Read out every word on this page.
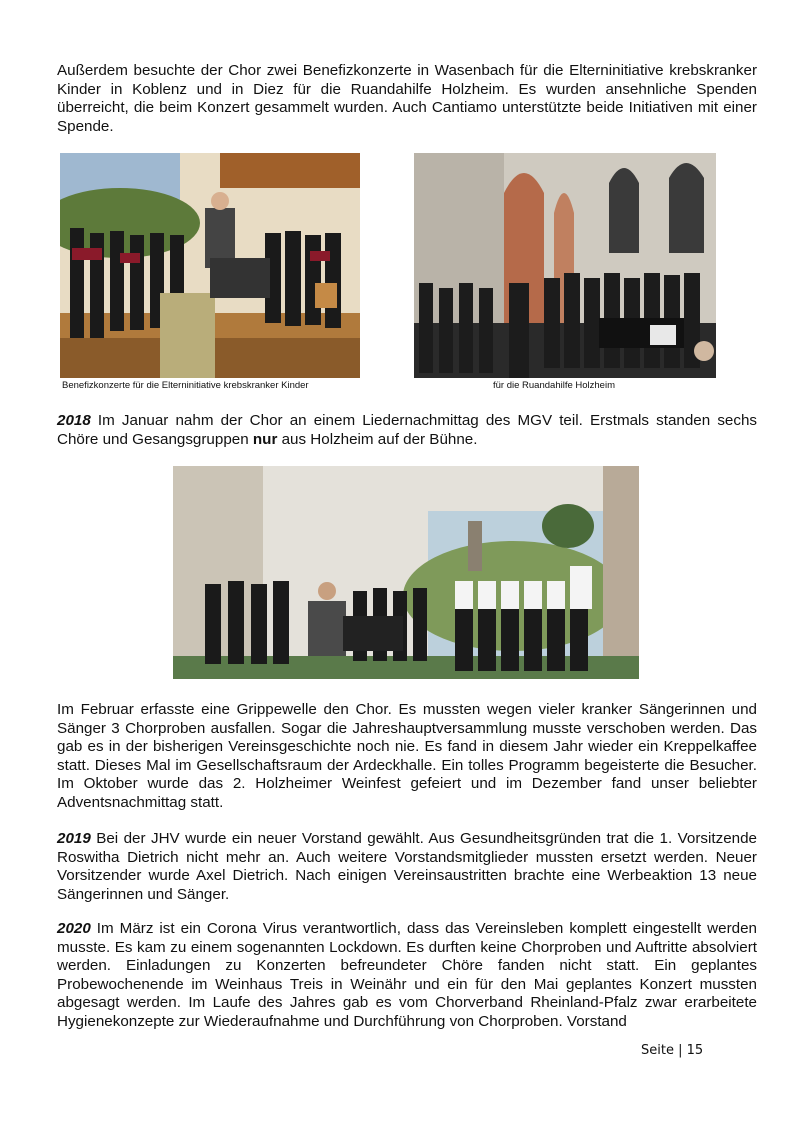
Außerdem besuchte der Chor zwei Benefizkonzerte in Wasenbach für die Elterninitiative krebskranker Kinder in Koblenz und in Diez für die Ruandahilfe Holzheim. Es wurden ansehnliche Spenden überreicht, die beim Konzert gesammelt wurden. Auch Cantiamo unterstützte beide Initiativen mit einer Spende.

Benefizkonzerte für die Elterninitiative krebskranker Kinder	für die Ruandahilfe Holzheim

2018 Im Januar nahm der Chor an einem Liedernachmittag des MGV teil. Erstmals standen sechs Chöre und Gesangsgruppen nur aus Holzheim auf der Bühne.

Im Februar erfasste eine Grippewelle den Chor. Es mussten wegen vieler kranker Sängerinnen und Sänger 3 Chorproben ausfallen. Sogar die Jahreshauptversammlung musste verschoben werden. Das gab es in der bisherigen Vereinsgeschichte noch nie. Es fand in diesem Jahr wieder ein Kreppelkaffee statt. Dieses Mal im Gesellschaftsraum der Ardeckhalle. Ein tolles Programm begeisterte die Besucher. Im Oktober wurde das 2. Holzheimer Weinfest gefeiert und im Dezember fand unser beliebter Adventsnachmittag statt.

2019 Bei der JHV wurde ein neuer Vorstand gewählt. Aus Gesundheitsgründen trat die 1. Vorsitzende Roswitha Dietrich nicht mehr an. Auch weitere Vorstandsmitglieder mussten ersetzt werden. Neuer Vorsitzender wurde Axel Dietrich. Nach einigen Vereinsaustritten brachte eine Werbeaktion 13 neue Sängerinnen und Sänger.

2020 Im März ist ein Corona Virus verantwortlich, dass das Vereinsleben komplett eingestellt werden musste. Es kam zu einem sogenannten Lockdown. Es durften keine Chorproben und Auftritte absolviert werden. Einladungen zu Konzerten befreundeter Chöre fanden nicht statt. Ein geplantes Probewochenende im Weinhaus Treis in Weinähr und ein für den Mai geplantes Konzert mussten abgesagt werden. Im Laufe des Jahres gab es vom Chorverband Rheinland-Pfalz zwar erarbeitete Hygienekonzepte zur Wiederaufnahme und Durchführung von Chorproben. Vorstand

Seite | 15
